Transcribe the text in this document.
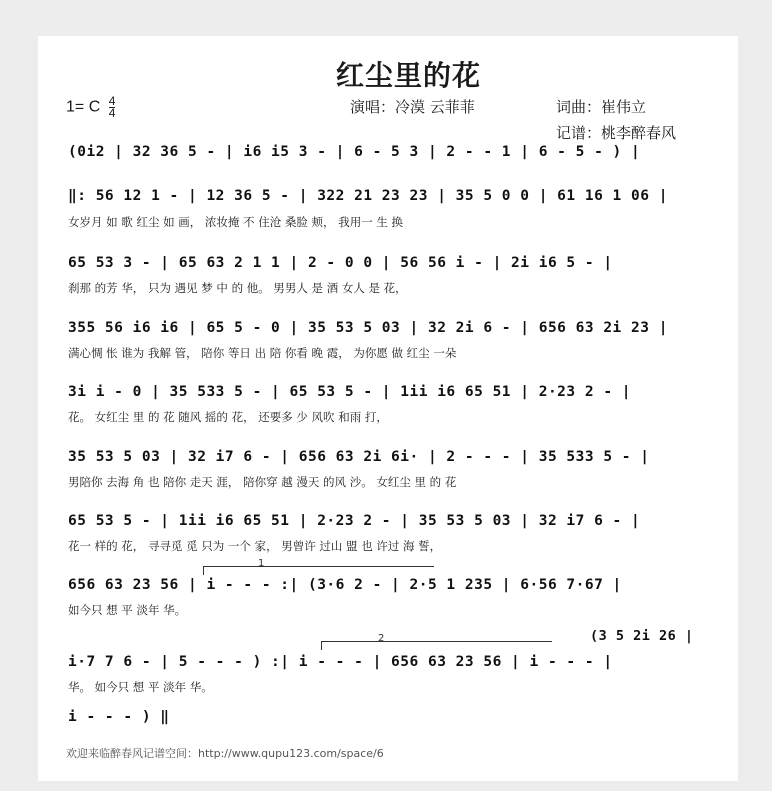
红尘里的花
1= C $\frac{4}{4}$	演唱：冷漠 云菲菲	词曲：崔伟立
记谱：桃李醉春风
(0i2 | 32 36 5 - | i6 i5 3 - | 6 - 5 3 | 2 - - 1 | 6 - 5 - ) |
‖: 56 12 1 - | 12 36 5 - | 322 21 23 23 | 35 5 0 0 | 61 16 1 06 |
女岁月 如 歌 红尘 如 画， 浓妆掩 不 住沧 桑脸 颊， 我用一 生 换
65 53 3 - | 65 63 2 1 1 | 2 - 0 0 | 56 56 i - | 2i i6 5 - |
刹那 的芳 华， 只为 遇见 梦 中 的 他。 男男人 是 酒 女人 是 花，
355 56 i6 i6 | 65 5 - 0 | 35 53 5 03 | 32 2i 6 - | 656 63 2i 23 |
满心惆 怅 谁为 我解 管， 陪你 等日 出 陪 你看 晚 霞， 为你愿 做 红尘 一朵
3i i - 0 | 35 533 5 - | 65 53 5 - | 1ii i6 65 51 | 2·23 2 - |
花。 女红尘 里 的 花 随风 摇的 花， 还要多 少 风吹 和雨 打，
35 53 5 03 | 32 i7 6 - | 656 63 2i 6i· | 2 - - - | 35 533 5 - |
男陪你 去海 角 也 陪你 走天 涯， 陪你穿 越 漫天 的风 沙。 女红尘 里 的 花
65 53 5 - | 1ii i6 65 51 | 2·23 2 - | 35 53 5 03 | 32 i7 6 - |
花一 样的 花， 寻寻觅 觅 只为 一个 家， 男曾许 过山 盟 也 许过 海 誓，
1
656 63 23 56 | i - - - :| (3·6 2 - | 2·5 1 235 | 6·56 7·67 |
如今只 想 平 淡年 华。
2	(3 5 2i 26 |
i·7 7 6 - | 5 - - - ) :| i - - - | 656 63 23 56 | i - - - |
华。 如今只 想 平 淡年 华。
i - - - ) ‖
欢迎来临醉春风记谱空间：http://www.qupu123.com/space/6
